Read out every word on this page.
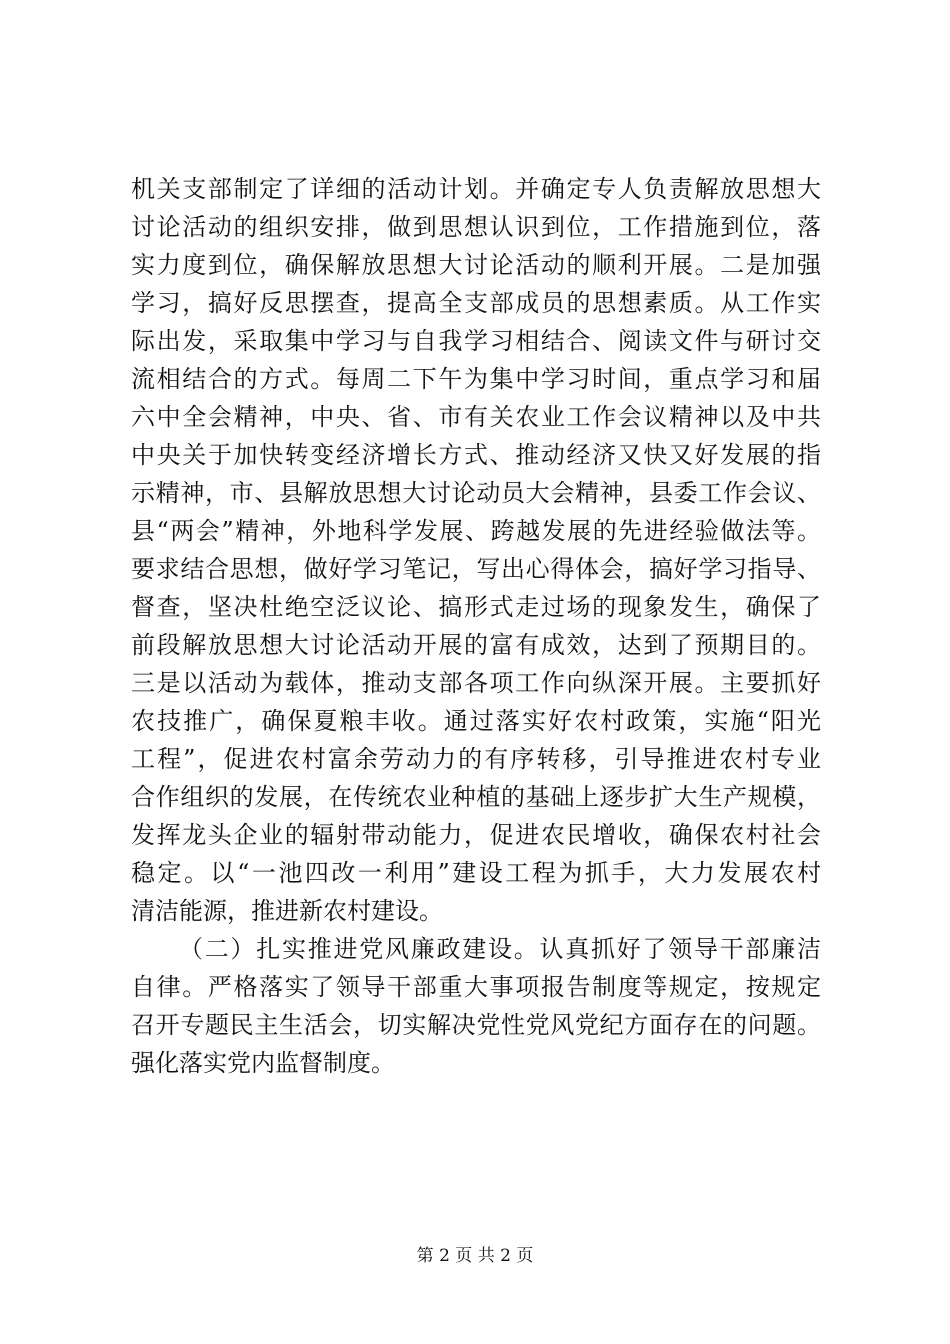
机关支部制定了详细的活动计划。并确定专人负责解放思想大
讨论活动的组织安排，做到思想认识到位，工作措施到位，落
实力度到位，确保解放思想大讨论活动的顺利开展。二是加强
学习，搞好反思摆查，提高全支部成员的思想素质。从工作实
际出发，采取集中学习与自我学习相结合、阅读文件与研讨交
流相结合的方式。每周二下午为集中学习时间，重点学习和届
六中全会精神，中央、省、市有关农业工作会议精神以及中共
中央关于加快转变经济增长方式、推动经济又快又好发展的指
示精神，市、县解放思想大讨论动员大会精神，县委工作会议、
县“两会”精神，外地科学发展、跨越发展的先进经验做法等。
要求结合思想，做好学习笔记，写出心得体会，搞好学习指导、
督查，坚决杜绝空泛议论、搞形式走过场的现象发生，确保了
前段解放思想大讨论活动开展的富有成效，达到了预期目的。
三是以活动为载体，推动支部各项工作向纵深开展。主要抓好
农技推广，确保夏粮丰收。通过落实好农村政策，实施“阳光
工程”，促进农村富余劳动力的有序转移，引导推进农村专业
合作组织的发展，在传统农业种植的基础上逐步扩大生产规模，
发挥龙头企业的辐射带动能力，促进农民增收，确保农村社会
稳定。以“一池四改一利用”建设工程为抓手，大力发展农村
清洁能源，推进新农村建设。
（二）扎实推进党风廉政建设。认真抓好了领导干部廉洁
自律。严格落实了领导干部重大事项报告制度等规定，按规定
召开专题民主生活会，切实解决党性党风党纪方面存在的问题。
强化落实党内监督制度。
第 2 页 共 2 页
